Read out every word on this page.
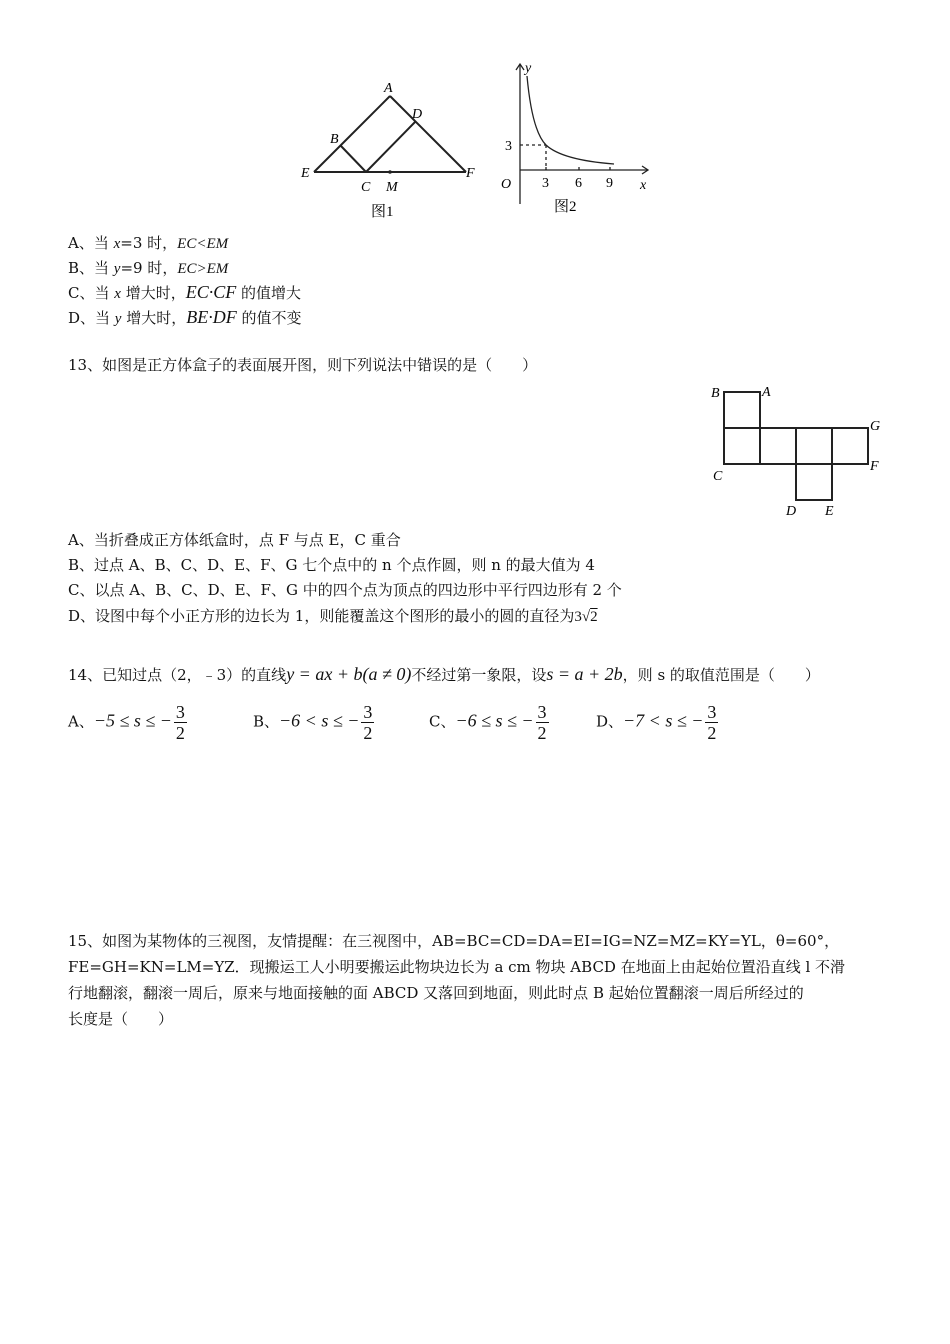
A
B
D
E	F
C M
图1
y
x
O
3
3 6 9
图2
A、当 x=3 时，EC<EM
B、当 y=9 时，EC>EM
C、当 x 增大时，EC·CF 的值增大
D、当 y 增大时，BE·DF 的值不变
13、如图是正方体盒子的表面展开图，则下列说法中错误的是（　　）
B	A
G
F
C
D E
A、当折叠成正方体纸盒时，点 F 与点 E，C 重合
B、过点 A、B、C、D、E、F、G 七个点中的 n 个点作圆，则 n 的最大值为 4
C、以点 A、B、C、D、E、F、G 中的四个点为顶点的四边形中平行四边形有 2 个
D、设图中每个小正方形的边长为 1，则能覆盖这个图形的最小的圆的直径为3√2
14、已知过点（2，﹣3）的直线y = ax + b(a ≠ 0)不经过第一象限，设s = a + 2b，则 s 的取值范围是（　　）
A、−5 ≤ s ≤ − $\frac{3}{2}$	B、−6 < s ≤ − $\frac{3}{2}$	C、−6 ≤ s ≤ − $\frac{3}{2}$	D、−7 < s ≤ − $\frac{3}{2}$
15、如图为某物体的三视图，友情提醒：在三视图中，AB=BC=CD=DA=EI=IG=NZ=MZ=KY=YL，θ=60°，
FE=GH=KN=LM=YZ．现搬运工人小明要搬运此物块边长为 a cm 物块 ABCD 在地面上由起始位置沿直线 l 不滑
行地翻滚，翻滚一周后，原来与地面接触的面 ABCD 又落回到地面，则此时点 B 起始位置翻滚一周后所经过的
长度是（　　）
